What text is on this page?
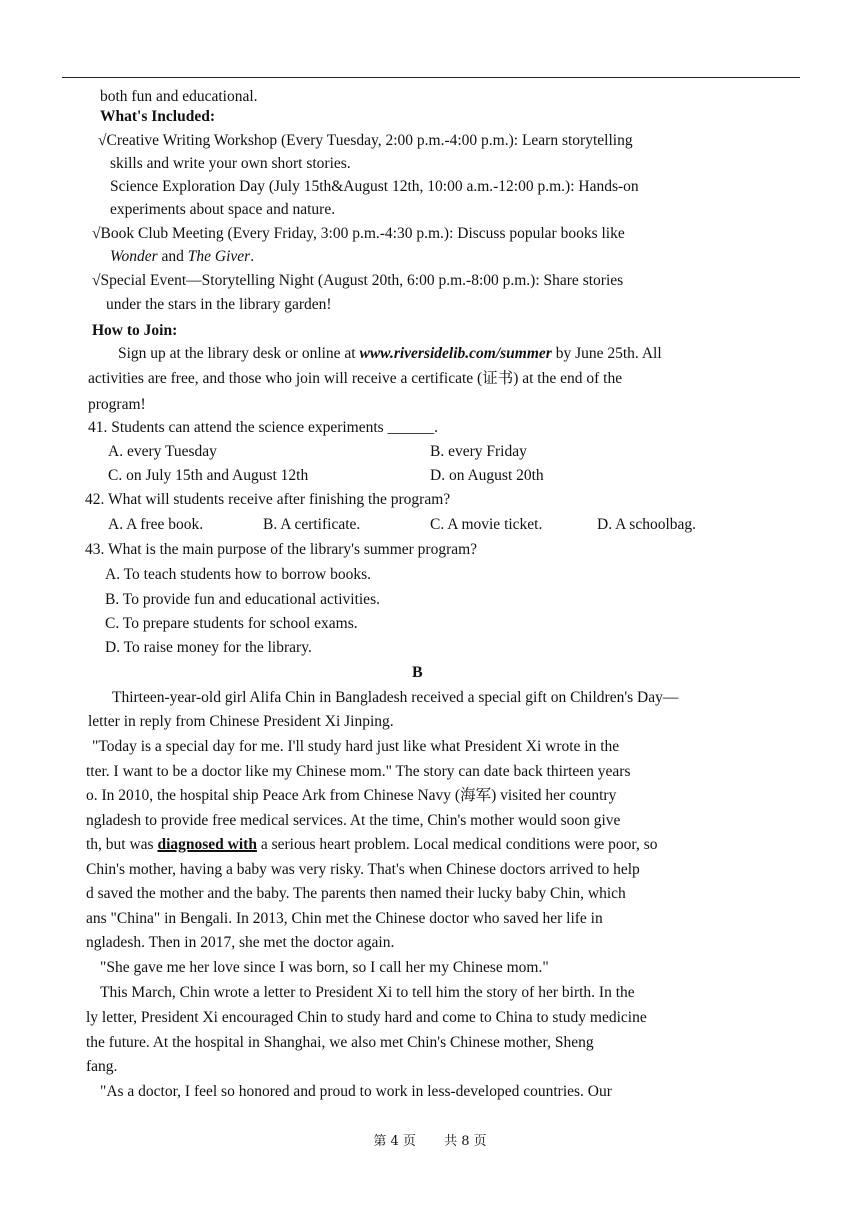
both fun and educational.
What's Included:
√Creative Writing Workshop (Every Tuesday, 2:00 p.m.-4:00 p.m.): Learn storytelling
skills and write your own short stories.
Science Exploration Day (July 15th&August 12th, 10:00 a.m.-12:00 p.m.): Hands-on
experiments about space and nature.
√Book Club Meeting (Every Friday, 3:00 p.m.-4:30 p.m.): Discuss popular books like
Wonder and The Giver.
√Special Event—Storytelling Night (August 20th, 6:00 p.m.-8:00 p.m.): Share stories
under the stars in the library garden!
How to Join:
Sign up at the library desk or online at www.riversidelib.com/summer by June 25th. All
activities are free, and those who join will receive a certificate (证书) at the end of the
program!
41. Students can attend the science experiments ______.
A. every Tuesday	B. every Friday
C. on July 15th and August 12th	D. on August 20th
42. What will students receive after finishing the program?
A. A free book.	B. A certificate.	C. A movie ticket.	D. A schoolbag.
43. What is the main purpose of the library's summer program?
A. To teach students how to borrow books.
B. To provide fun and educational activities.
C. To prepare students for school exams.
D. To raise money for the library.
B
Thirteen-year-old girl Alifa Chin in Bangladesh received a special gift on Children's Day—
letter in reply from Chinese President Xi Jinping.
"Today is a special day for me. I'll study hard just like what President Xi wrote in the
tter. I want to be a doctor like my Chinese mom." The story can date back thirteen years
o. In 2010, the hospital ship Peace Ark from Chinese Navy (海军) visited her country
ngladesh to provide free medical services. At the time, Chin's mother would soon give
th, but was diagnosed with a serious heart problem. Local medical conditions were poor, so
Chin's mother, having a baby was very risky. That's when Chinese doctors arrived to help
d saved the mother and the baby. The parents then named their lucky baby Chin, which
ans "China" in Bengali. In 2013, Chin met the Chinese doctor who saved her life in
ngladesh. Then in 2017, she met the doctor again.
"She gave me her love since I was born, so I call her my Chinese mom."
This March, Chin wrote a letter to President Xi to tell him the story of her birth. In the
ly letter, President Xi encouraged Chin to study hard and come to China to study medicine
the future. At the hospital in Shanghai, we also met Chin's Chinese mother, Sheng
fang.
"As a doctor, I feel so honored and proud to work in less-developed countries. Our
第 4 页 共 8 页
